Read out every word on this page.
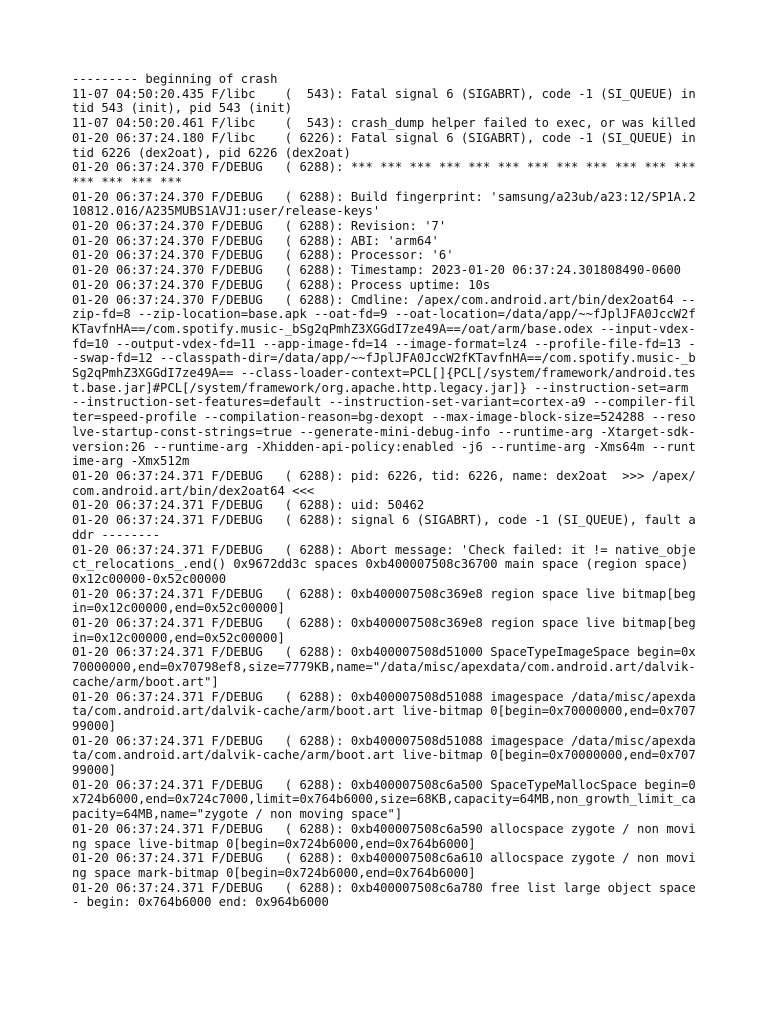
--------- beginning of crash
11-07 04:50:20.435 F/libc    (  543): Fatal signal 6 (SIGABRT), code -1 (SI_QUEUE) in tid 543 (init), pid 543 (init)
11-07 04:50:20.461 F/libc    (  543): crash_dump helper failed to exec, or was killed
01-20 06:37:24.180 F/libc    ( 6226): Fatal signal 6 (SIGABRT), code -1 (SI_QUEUE) in tid 6226 (dex2oat), pid 6226 (dex2oat)
01-20 06:37:24.370 F/DEBUG   ( 6288): *** *** *** *** *** *** *** *** *** *** *** *** *** *** *** ***
01-20 06:37:24.370 F/DEBUG   ( 6288): Build fingerprint: 'samsung/a23ub/a23:12/SP1A.210812.016/A235MUBS1AVJ1:user/release-keys'
01-20 06:37:24.370 F/DEBUG   ( 6288): Revision: '7'
01-20 06:37:24.370 F/DEBUG   ( 6288): ABI: 'arm64'
01-20 06:37:24.370 F/DEBUG   ( 6288): Processor: '6'
01-20 06:37:24.370 F/DEBUG   ( 6288): Timestamp: 2023-01-20 06:37:24.301808490-0600
01-20 06:37:24.370 F/DEBUG   ( 6288): Process uptime: 10s
01-20 06:37:24.370 F/DEBUG   ( 6288): Cmdline: /apex/com.android.art/bin/dex2oat64 --zip-fd=8 --zip-location=base.apk --oat-fd=9 --oat-location=/data/app/~~fJplJFA0JccW2fKTavfnHA==/com.spotify.music-_bSg2qPmhZ3XGGdI7ze49A==/oat/arm/base.odex --input-vdex-fd=10 --output-vdex-fd=11 --app-image-fd=14 --image-format=lz4 --profile-file-fd=13 --swap-fd=12 --classpath-dir=/data/app/~~fJplJFA0JccW2fKTavfnHA==/com.spotify.music-_bSg2qPmhZ3XGGdI7ze49A== --class-loader-context=PCL[]{PCL[/system/framework/android.test.base.jar]#PCL[/system/framework/org.apache.http.legacy.jar]} --instruction-set=arm --instruction-set-features=default --instruction-set-variant=cortex-a9 --compiler-filter=speed-profile --compilation-reason=bg-dexopt --max-image-block-size=524288 --resolve-startup-const-strings=true --generate-mini-debug-info --runtime-arg -Xtarget-sdk-version:26 --runtime-arg -Xhidden-api-policy:enabled -j6 --runtime-arg -Xms64m --runtime-arg -Xmx512m
01-20 06:37:24.371 F/DEBUG   ( 6288): pid: 6226, tid: 6226, name: dex2oat  >>> /apex/com.android.art/bin/dex2oat64 <<<
01-20 06:37:24.371 F/DEBUG   ( 6288): uid: 50462
01-20 06:37:24.371 F/DEBUG   ( 6288): signal 6 (SIGABRT), code -1 (SI_QUEUE), fault addr --------
01-20 06:37:24.371 F/DEBUG   ( 6288): Abort message: 'Check failed: it != native_object_relocations_.end() 0x9672dd3c spaces 0xb400007508c36700 main space (region space) 0x12c00000-0x52c00000
01-20 06:37:24.371 F/DEBUG   ( 6288): 0xb400007508c369e8 region space live bitmap[begin=0x12c00000,end=0x52c00000]
01-20 06:37:24.371 F/DEBUG   ( 6288): 0xb400007508c369e8 region space live bitmap[begin=0x12c00000,end=0x52c00000]
01-20 06:37:24.371 F/DEBUG   ( 6288): 0xb400007508d51000 SpaceTypeImageSpace begin=0x70000000,end=0x70798ef8,size=7779KB,name="/data/misc/apexdata/com.android.art/dalvik-cache/arm/boot.art"]
01-20 06:37:24.371 F/DEBUG   ( 6288): 0xb400007508d51088 imagespace /data/misc/apexdata/com.android.art/dalvik-cache/arm/boot.art live-bitmap 0[begin=0x70000000,end=0x70799000]
01-20 06:37:24.371 F/DEBUG   ( 6288): 0xb400007508d51088 imagespace /data/misc/apexdata/com.android.art/dalvik-cache/arm/boot.art live-bitmap 0[begin=0x70000000,end=0x70799000]
01-20 06:37:24.371 F/DEBUG   ( 6288): 0xb400007508c6a500 SpaceTypeMallocSpace begin=0x724b6000,end=0x724c7000,limit=0x764b6000,size=68KB,capacity=64MB,non_growth_limit_capacity=64MB,name="zygote / non moving space"]
01-20 06:37:24.371 F/DEBUG   ( 6288): 0xb400007508c6a590 allocspace zygote / non moving space live-bitmap 0[begin=0x724b6000,end=0x764b6000]
01-20 06:37:24.371 F/DEBUG   ( 6288): 0xb400007508c6a610 allocspace zygote / non moving space mark-bitmap 0[begin=0x724b6000,end=0x764b6000]
01-20 06:37:24.371 F/DEBUG   ( 6288): 0xb400007508c6a780 free list large object space - begin: 0x764b6000 end: 0x964b6000
